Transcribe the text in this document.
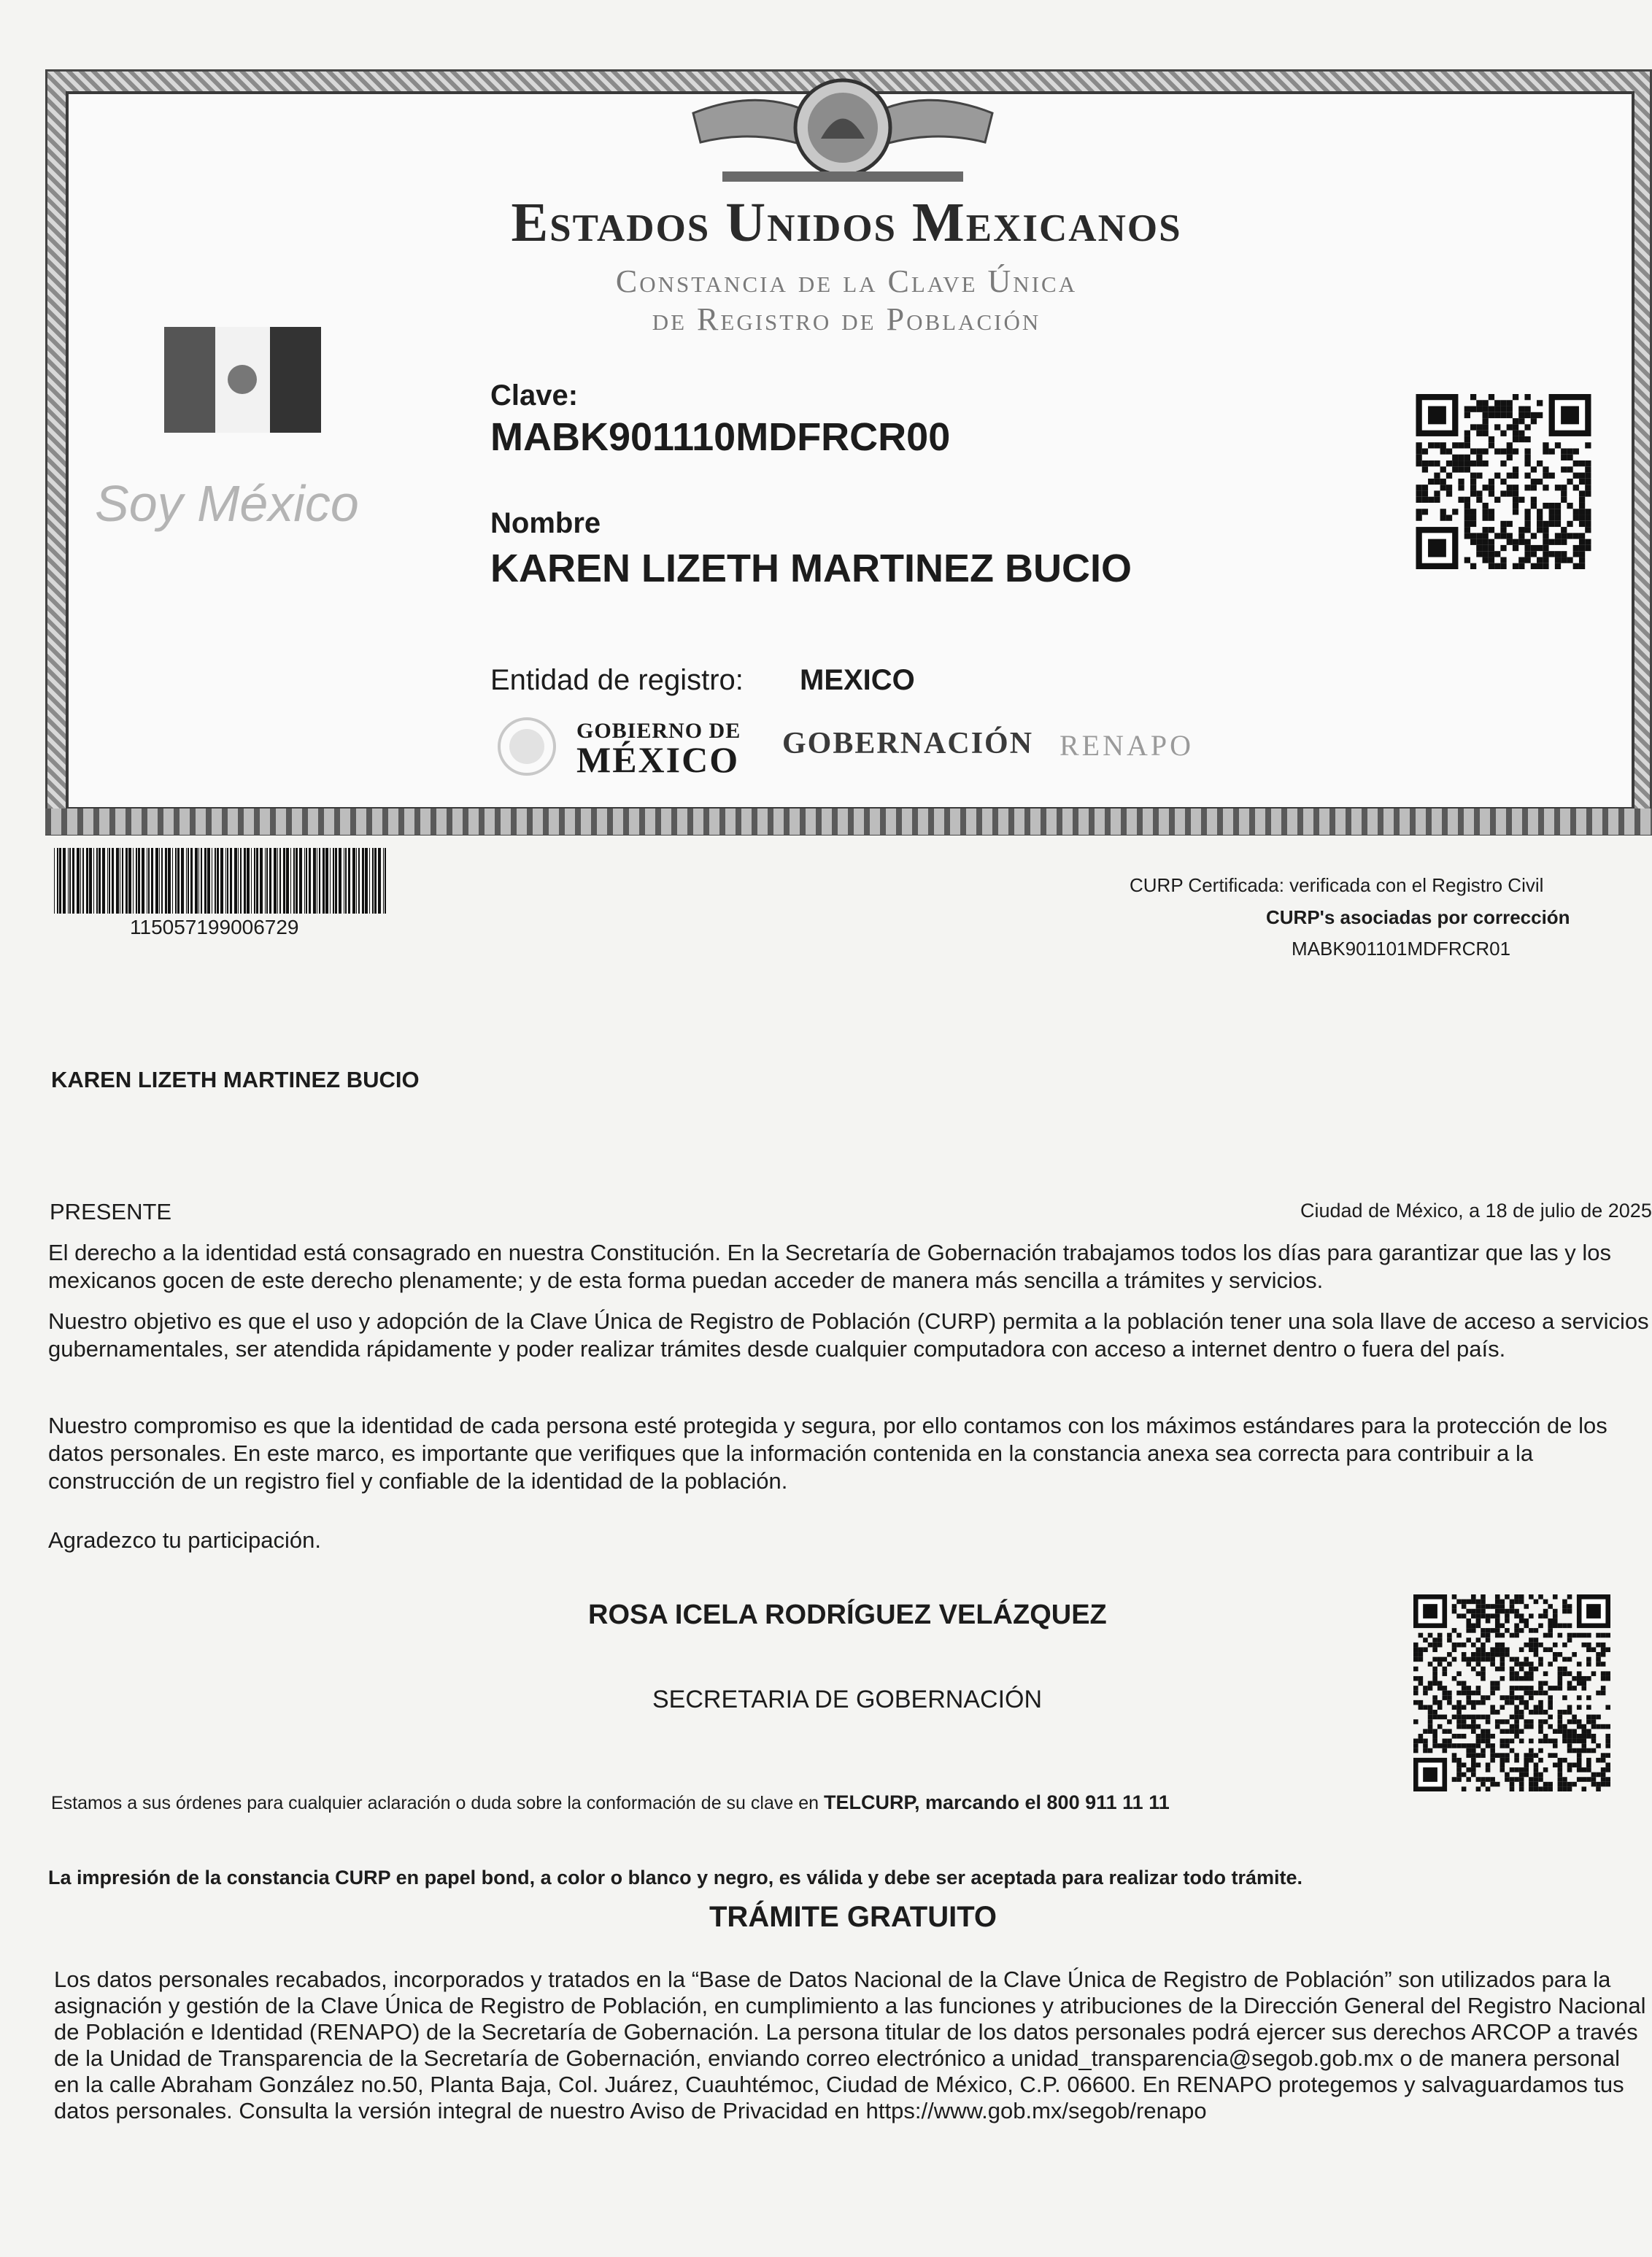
Estados Unidos Mexicanos
Constancia de la Clave Única
de Registro de Población
Soy México
Clave:
MABK901110MDFRCR00
Nombre
KAREN LIZETH MARTINEZ BUCIO
Entidad de registro: MEXICO
GOBIERNO DE
MÉXICO GOBERNACIÓN RENAPO
115057199006729
CURP Certificada: verificada con el Registro Civil
CURP's asociadas por corrección
MABK901101MDFRCR01
KAREN LIZETH MARTINEZ BUCIO
PRESENTE	Ciudad de México, a 18 de julio de 2025
El derecho a la identidad está consagrado en nuestra Constitución. En la Secretaría de Gobernación trabajamos todos los días para garantizar que las y los
mexicanos gocen de este derecho plenamente; y de esta forma puedan acceder de manera más sencilla a trámites y servicios.
Nuestro objetivo es que el uso y adopción de la Clave Única de Registro de Población (CURP) permita a la población tener una sola llave de acceso a servicios
gubernamentales, ser atendida rápidamente y poder realizar trámites desde cualquier computadora con acceso a internet dentro o fuera del país.
Nuestro compromiso es que la identidad de cada persona esté protegida y segura, por ello contamos con los máximos estándares para la protección de los
datos personales. En este marco, es importante que verifiques que la información contenida en la constancia anexa sea correcta para contribuir a la
construcción de un registro fiel y confiable de la identidad de la población.
Agradezco tu participación.
ROSA ICELA RODRÍGUEZ VELÁZQUEZ
SECRETARIA DE GOBERNACIÓN
Estamos a sus órdenes para cualquier aclaración o duda sobre la conformación de su clave en TELCURP, marcando el 800 911 11 11
La impresión de la constancia CURP en papel bond, a color o blanco y negro, es válida y debe ser aceptada para realizar todo trámite.
TRÁMITE GRATUITO
Los datos personales recabados, incorporados y tratados en la “Base de Datos Nacional de la Clave Única de Registro de Población” son utilizados para la
asignación y gestión de la Clave Única de Registro de Población, en cumplimiento a las funciones y atribuciones de la Dirección General del Registro Nacional
de Población e Identidad (RENAPO) de la Secretaría de Gobernación. La persona titular de los datos personales podrá ejercer sus derechos ARCOP a través
de la Unidad de Transparencia de la Secretaría de Gobernación, enviando correo electrónico a unidad_transparencia@segob.gob.mx o de manera personal
en la calle Abraham González no.50, Planta Baja, Col. Juárez, Cuauhtémoc, Ciudad de México, C.P. 06600. En RENAPO protegemos y salvaguardamos tus
datos personales. Consulta la versión integral de nuestro Aviso de Privacidad en https://www.gob.mx/segob/renapo
